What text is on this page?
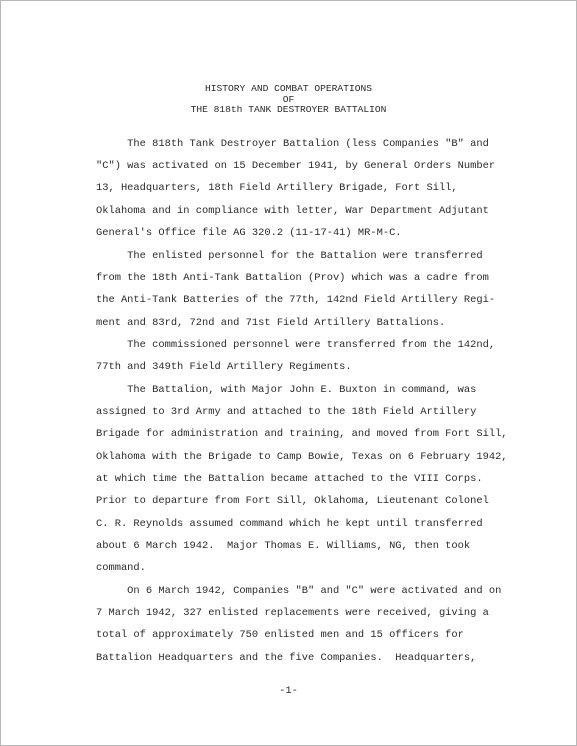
HISTORY AND COMBAT OPERATIONS
OF
THE 818th TANK DESTROYER BATTALION
The 818th Tank Destroyer Battalion (less Companies "B" and
"C") was activated on 15 December 1941, by General Orders Number
13, Headquarters, 18th Field Artillery Brigade, Fort Sill,
Oklahoma and in compliance with letter, War Department Adjutant
General's Office file AG 320.2 (11-17-41) MR-M-C.
The enlisted personnel for the Battalion were transferred
from the 18th Anti-Tank Battalion (Prov) which was a cadre from
the Anti-Tank Batteries of the 77th, 142nd Field Artillery Regi-
ment and 83rd, 72nd and 71st Field Artillery Battalions.
The commissioned personnel were transferred from the 142nd,
77th and 349th Field Artillery Regiments.
The Battalion, with Major John E. Buxton in command, was
assigned to 3rd Army and attached to the 18th Field Artillery
Brigade for administration and training, and moved from Fort Sill,
Oklahoma with the Brigade to Camp Bowie, Texas on 6 February 1942,
at which time the Battalion became attached to the VIII Corps.
Prior to departure from Fort Sill, Oklahoma, Lieutenant Colonel
C. R. Reynolds assumed command which he kept until transferred
about 6 March 1942.  Major Thomas E. Williams, NG, then took
command.
On 6 March 1942, Companies "B" and "C" were activated and on
7 March 1942, 327 enlisted replacements were received, giving a
total of approximately 750 enlisted men and 15 officers for
Battalion Headquarters and the five Companies.  Headquarters,
-1-
